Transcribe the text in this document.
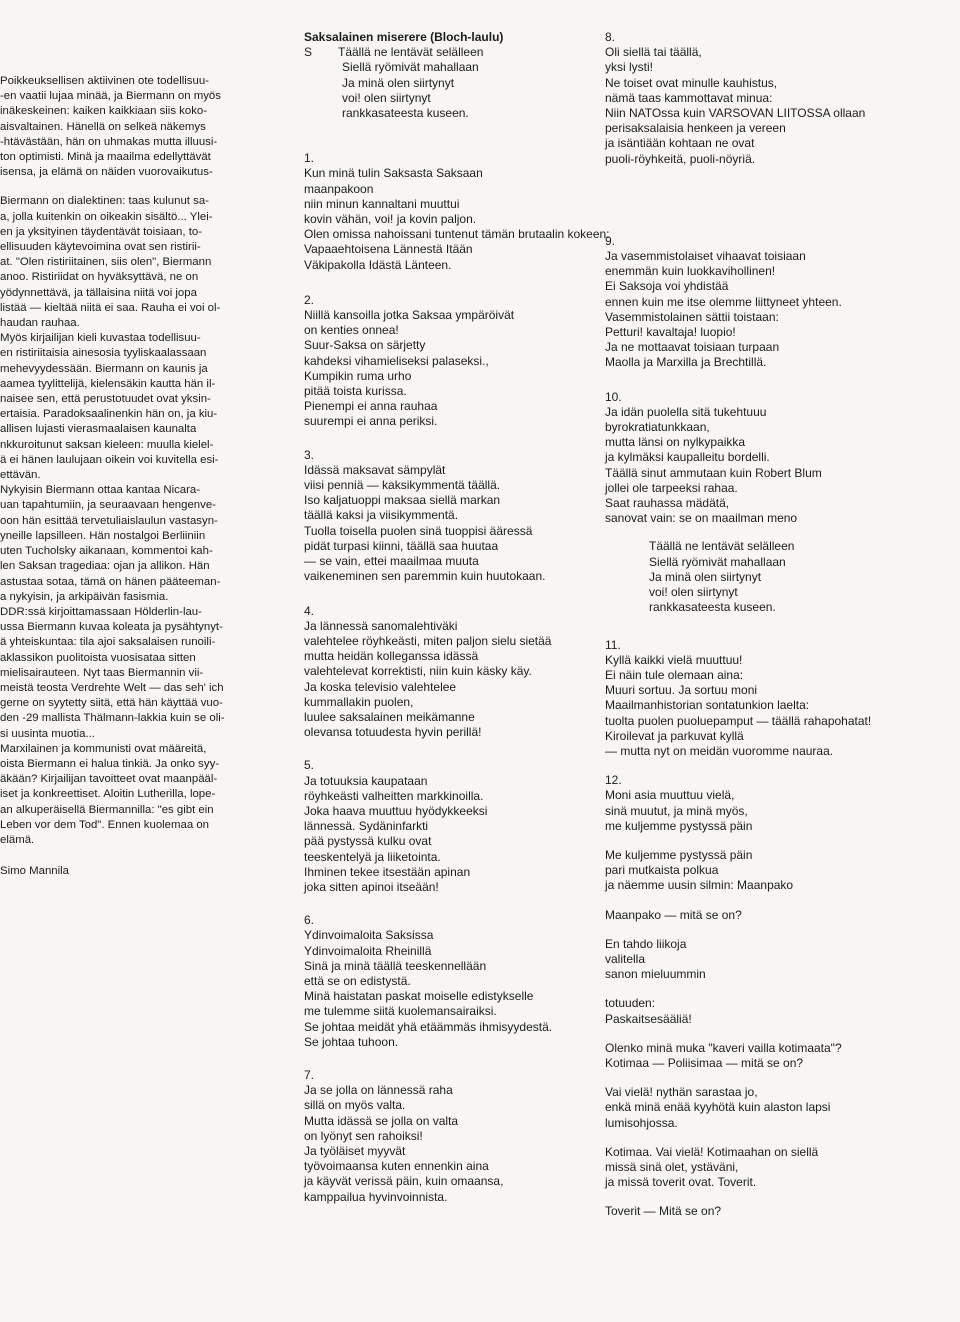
Poikkeuksellisen aktiivinen ote todellisuu-
-en vaatii lujaa minää, ja Biermann on myös
inäkeskeinen: kaiken kaikkiaan siis koko-
aisvaltainen. Hänellä on selkeä näkemys
-htävästään, hän on uhmakas mutta illuusi-
ton optimisti. Minä ja maailma edellyttävät
isensa, ja elämä on näiden vuorovaikutus-
Biermann on dialektinen: taas kulunut sa-
a, jolla kuitenkin on oikeakin sisältö... Ylei-
en ja yksityinen täydentävät toisiaan, to-
ellisuuden käytevoimina ovat sen ristirii-
at. "Olen ristiriitainen, siis olen", Biermann
anoo. Ristiriidat on hyväksyttävä, ne on
yödynnettävä, ja tällaisina niitä voi jopa
listää — kieltää niitä ei saa. Rauha ei voi ol-
haudan rauhaa.
Myös kirjailijan kieli kuvastaa todellisuu-
en ristiriitaisia ainesosia tyyliskaalassaan
mehevyydessään. Biermann on kaunis ja
aamea tyylittelijä, kielensäkin kautta hän il-
naisee sen, että perustotuudet ovat yksin-
ertaisia. Paradoksaalinenkin hän on, ja kiu-
allisen lujasti vierasmaalaisen kaunalta
nkkuroitunut saksan kieleen: muulla kielel-
ä ei hänen laulujaan oikein voi kuvitella esi-
ettävän.
Nykyisin Biermann ottaa kantaa Nicara-
uan tapahtumiin, ja seuraavaan hengenve-
oon hän esittää tervetuliaislaulun vastasyn-
yneille lapsilleen. Hän nostalgoi Berliiniin
uten Tucholsky aikanaan, kommentoi kah-
len Saksan tragediaa: ojan ja allikon. Hän
astustaa sotaa, tämä on hänen pääteeman-
a nykyisin, ja arkipäivän fasismia.
DDR:ssä kirjoittamassaan Hölderlin-lau-
ussa Biermann kuvaa koleata ja pysähtynyt-
ä yhteiskuntaa: tila ajoi saksalaisen runoili-
aklassikon puolitoista vuosisataa sitten
mielisairauteen. Nyt taas Biermannin vii-
meistä teosta Verdrehte Welt — das seh' ich
gerne on syytetty siitä, että hän käyttää vuo-
den -29 mallista Thälmann-lakkia kuin se oli-
si uusinta muotia...
Marxilainen ja kommunisti ovat määreitä,
oista Biermann ei halua tinkiä. Ja onko syy-
äkään? Kirjailijan tavoitteet ovat maanpääl-
iset ja konkreettiset. Aloitin Lutherilla, lope-
an alkuperäisellä Biermannilla: "es gibt ein
Leben vor dem Tod". Ennen kuolemaa on
elämä.
Simo Mannila
Saksalainen miserere (Bloch-laulu)
S Täällä ne lentävät selälleen
Siellä ryömivät mahallaan
Ja minä olen siirtynyt
voi! olen siirtynyt
rankkasateesta kuseen.
1.
Kun minä tulin Saksasta Saksaan
maanpakoon
niin minun kannaltani muuttui
kovin vähän, voi! ja kovin paljon.
Olen omissa nahoissani tuntenut tämän brutaalin kokeen:
Vapaaehtoisena Lännestä Itään
Väkipakolla Idästä Länteen.
2.
Niillä kansoilla jotka Saksaa ympäröivät
on kenties onnea!
Suur-Saksa on särjetty
kahdeksi vihamieliseksi palaseksi.,
Kumpikin ruma urho
pitää toista kurissa.
Pienempi ei anna rauhaa
suurempi ei anna periksi.
3.
Idässä maksavat sämpylät
viisi penniä — kaksikymmentä täällä.
Iso kaljatuoppi maksaa siellä markan
täällä kaksi ja viisikymmentä.
Tuolla toisella puolen sinä tuoppisi ääressä
pidät turpasi kiinni, täällä saa huutaa
— se vain, ettei maailmaa muuta
vaikeneminen sen paremmin kuin huutokaan.
4.
Ja lännessä sanomalehtiväki
valehtelee röyhkeästi, miten paljon sielu sietää
mutta heidän kolleganssa idässä
valehtelevat korrektisti, niin kuin käsky käy.
Ja koska televisio valehtelee
kummallakin puolen,
luulee saksalainen meikämanne
olevansa totuudesta hyvin perillä!
5.
Ja totuuksia kaupataan
röyhkeästi valheitten markkinoilla.
Joka haava muuttuu hyödykkeeksi
lännessä. Sydäninfarkti
pää pystyssä kulku ovat
teeskentelyä ja liiketointa.
Ihminen tekee itsestään apinan
joka sitten apinoi itseään!
6.
Ydinvoimaloita Saksissa
Ydinvoimaloita Rheinillä
Sinä ja minä täällä teeskennellään
että se on edistystä.
Minä haistatan paskat moiselle edistykselle
me tulemme siitä kuolemansairaiksi.
Se johtaa meidät yhä etäämmäs ihmisyydestä.
Se johtaa tuhoon.
7.
Ja se jolla on lännessä raha
sillä on myös valta.
Mutta idässä se jolla on valta
on lyönyt sen rahoiksi!
Ja työläiset myyvät
työvoimaansa kuten ennenkin aina
ja käyvät verissä päin, kuin omaansa,
kamppailua hyvinvoinnista.
8.
Oli siellä tai täällä,
yksi lysti!
Ne toiset ovat minulle kauhistus,
nämä taas kammottavat minua:
Niin NATOssa kuin VARSOVAN LIITOSSA ollaan
perisaksalaisia henkeen ja vereen
ja isäntiään kohtaan ne ovat
puoli-röyhkeitä, puoli-nöyriä.
9.
Ja vasemmistolaiset vihaavat toisiaan
enemmän kuin luokkavihollinen!
Ei Saksoja voi yhdistää
ennen kuin me itse olemme liittyneet yhteen.
Vasemmistolainen sättii toistaan:
Petturi! kavaltaja! luopio!
Ja ne mottaavat toisiaan turpaan
Maolla ja Marxilla ja Brechtillä.
10.
Ja idän puolella sitä tukehtuuu
byrokratiatunkkaan,
mutta länsi on nylkypaikka
ja kylmäksi kaupalleitu bordelli.
Täällä sinut ammutaan kuin Robert Blum
jollei ole tarpeeksi rahaa.
Saat rauhassa mädätä,
sanovat vain: se on maailman meno
Täällä ne lentävät selälleen
Siellä ryömivät mahallaan
Ja minä olen siirtynyt
voi! olen siirtynyt
rankkasateesta kuseen.
11.
Kyllä kaikki vielä muuttuu!
Ei näin tule olemaan aina:
Muuri sortuu. Ja sortuu moni
Maailmanhistorian sontatunkion laelta:
tuolta puolen puoluepamput — täällä rahapohatat!
Kiroilevat ja parkuvat kyllä
— mutta nyt on meidän vuoromme nauraa.
12.
Moni asia muuttuu vielä,
sinä muutut, ja minä myös,
me kuljemme pystyssä päin
Me kuljemme pystyssä päin
pari mutkaista polkua
ja näemme uusin silmin: Maanpako
Maanpako — mitä se on?
En tahdo liikoja
valitella
sanon mieluummin
totuuden:
Paskaitsesääliä!
Olenko minä muka "kaveri vailla kotimaata"?
Kotimaa — Poliisimaa — mitä se on?
Vai vielä! nythän sarastaa jo,
enkä minä enää kyyhötä kuin alaston lapsi
lumisohjossa.
Kotimaa. Vai vielä! Kotimaahan on siellä
missä sinä olet, ystäväni,
ja missä toverit ovat. Toverit.
Toverit — Mitä se on?
